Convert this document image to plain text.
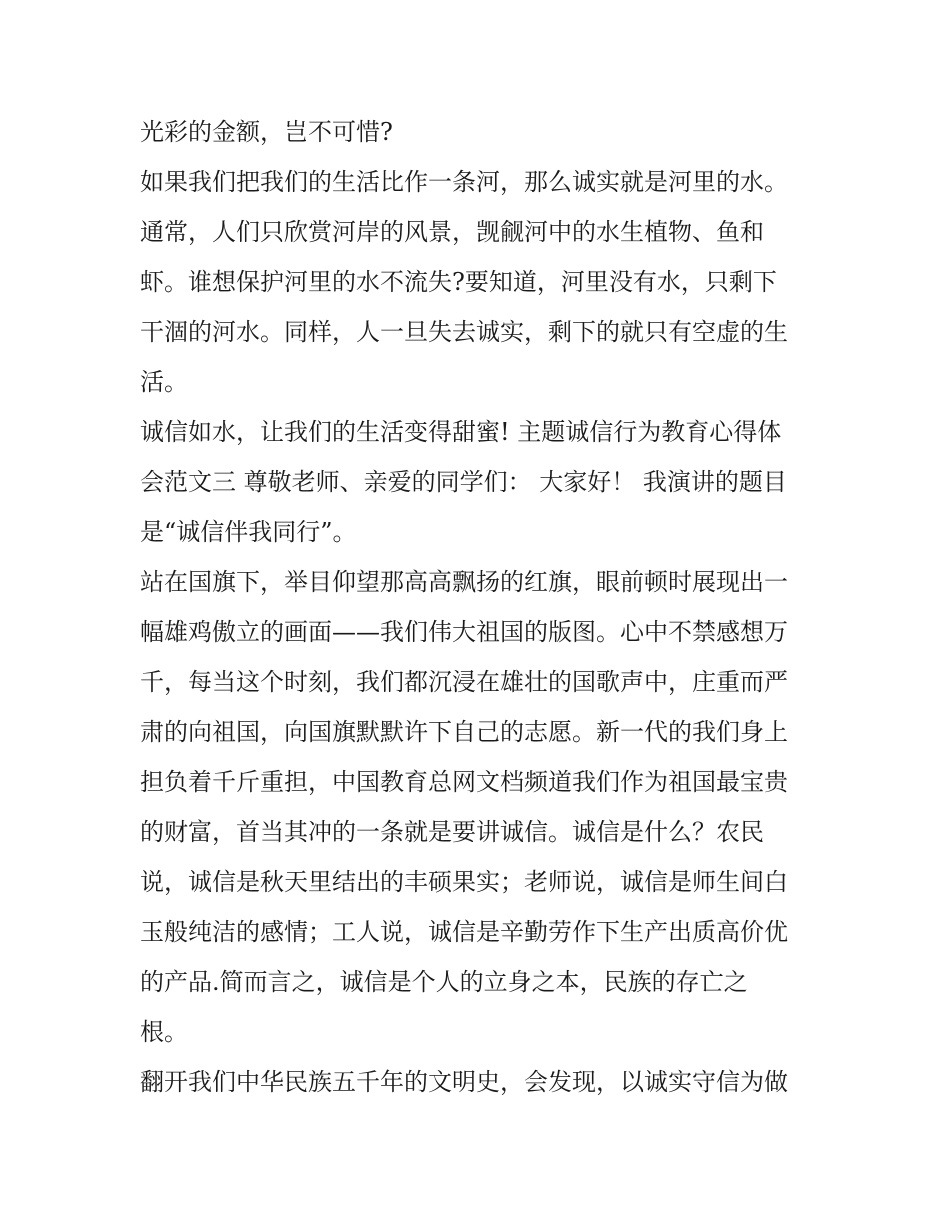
光彩的金额，岂不可惜?
如果我们把我们的生活比作一条河，那么诚实就是河里的水。
通常，人们只欣赏河岸的风景，觊觎河中的水生植物、鱼和
虾。谁想保护河里的水不流失?要知道，河里没有水，只剩下
干涸的河水。同样，人一旦失去诚实，剩下的就只有空虚的生
活。
诚信如水，让我们的生活变得甜蜜! 主题诚信行为教育心得体
会范文三 尊敬老师、亲爱的同学们： 大家好！ 我演讲的题目
是“诚信伴我同行”。
站在国旗下，举目仰望那高高飘扬的红旗，眼前顿时展现出一
幅雄鸡傲立的画面——我们伟大祖国的版图。心中不禁感想万
千，每当这个时刻，我们都沉浸在雄壮的国歌声中，庄重而严
肃的向祖国，向国旗默默许下自己的志愿。新一代的我们身上
担负着千斤重担，中国教育总网文档频道我们作为祖国最宝贵
的财富，首当其冲的一条就是要讲诚信。诚信是什么？农民
说，诚信是秋天里结出的丰硕果实；老师说，诚信是师生间白
玉般纯洁的感情；工人说，诚信是辛勤劳作下生产出质高价优
的产品.简而言之，诚信是个人的立身之本，民族的存亡之
根。
翻开我们中华民族五千年的文明史，会发现，以诚实守信为做
